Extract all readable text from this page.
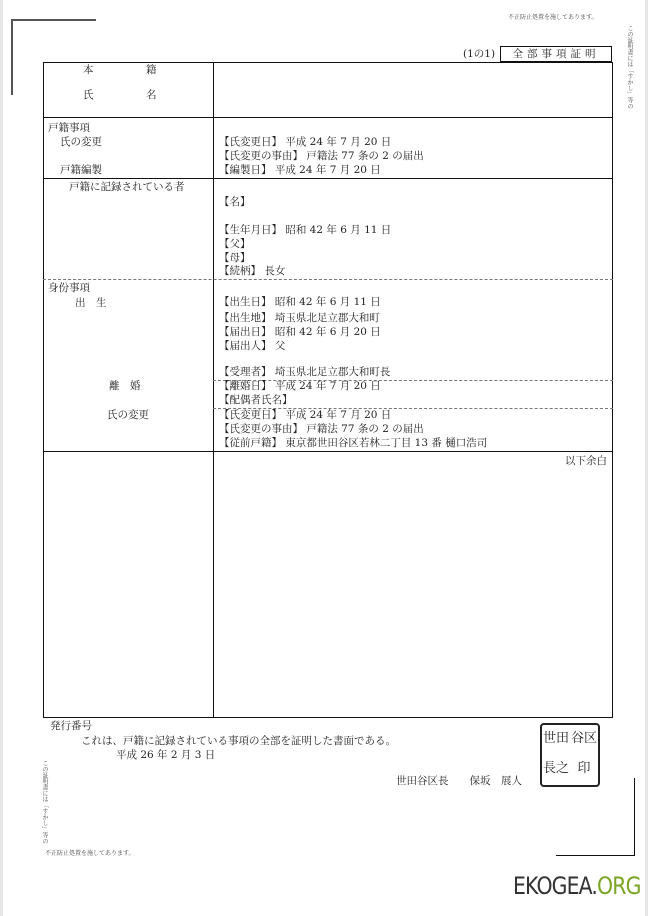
不正防止処置を施してあります。
この証明書には「すかし」等の
(1の1)	全部事項証明
本　　　　　籍
氏　　　　　名
戸籍事項
氏の変更	【氏変更日】 平成 24 年 7 月 20 日
【氏変更の事由】 戸籍法 77 条の 2 の届出
戸籍編製	【編製日】 平成 24 年 7 月 20 日
戸籍に記録されている者
【名】
【生年月日】 昭和 42 年 6 月 11 日
【父】
【母】
【続柄】 長女
身份事項
出　生	【出生日】 昭和 42 年 6 月 11 日
【出生地】 埼玉県北足立郡大和町
【届出日】 昭和 42 年 6 月 20 日
【届出人】 父
【受理者】 埼玉県北足立郡大和町長
離　婚	【離婚日】 平成 24 年 7 月 20 日
【配偶者氏名】
氏の変更	【氏変更日】 平成 24 年 7 月 20 日
【氏変更の事由】 戸籍法 77 条の 2 の届出
【従前戸籍】 東京都世田谷区若林二丁目 13 番 樋口浩司
以下余白
発行番号
これは、戸籍に記録されている事項の全部を証明した書面である。
平成 26 年 2 月 3 日
世田谷区長　　保坂　展人
世田 谷区
長之 印
この証明書には「すかし」等の
不正防止処置を施してあります。
EKOGEA.ORG
